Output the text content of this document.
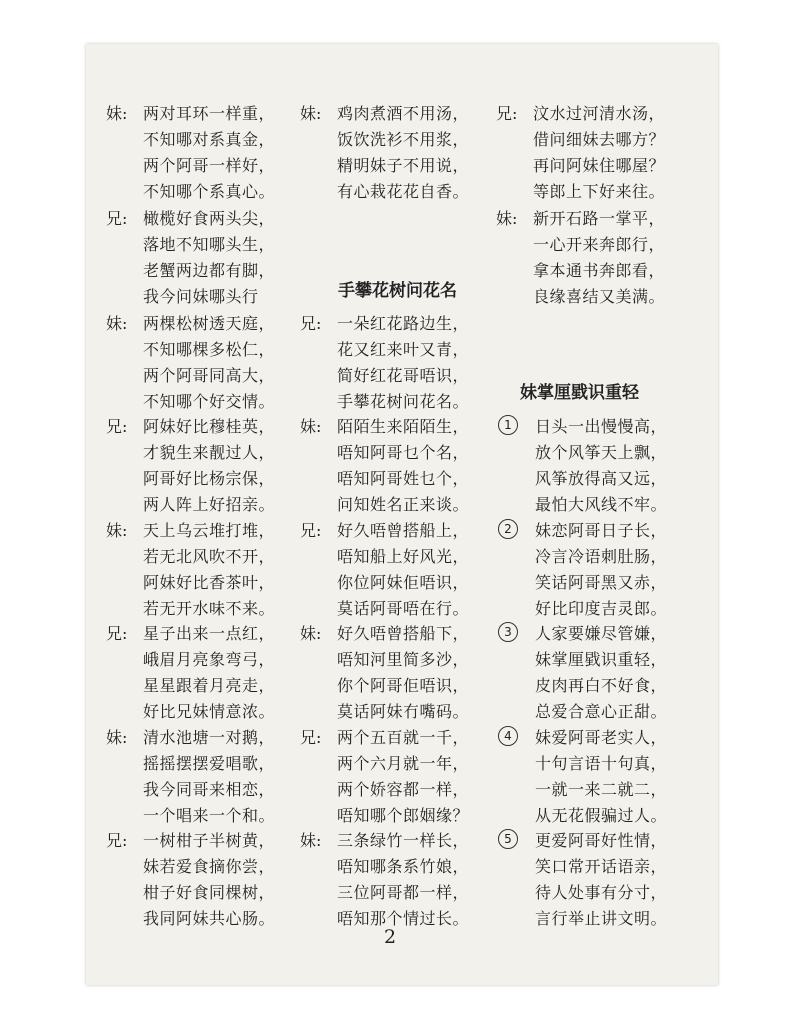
妹: 两对耳环一样重，
不知哪对系真金，
两个阿哥一样好，
不知哪个系真心。
兄: 橄榄好食两头尖，
落地不知哪头生，
老蟹两边都有脚，
我今问妹哪头行
妹: 两棵松树透天庭，
不知哪棵多松仁，
两个阿哥同高大，
不知哪个好交情。
兄: 阿妹好比穆桂英，
才貌生来靓过人，
阿哥好比杨宗保，
两人阵上好招亲。
妹: 天上乌云堆打堆，
若无北风吹不开，
阿妹好比香茶叶，
若无开水味不来。
兄: 星子出来一点红，
峨眉月亮象弯弓，
星星跟着月亮走，
好比兄妹情意浓。
妹: 清水池塘一对鹅，
摇摇摆摆爱唱歌，
我今同哥来相恋，
一个唱来一个和。
兄: 一树柑子半树黄，
妹若爱食摘你尝，
柑子好食同棵树，
我同阿妹共心肠。
妹: 鸡肉煮酒不用汤，
饭饮洗衫不用浆，
精明妹子不用说，
有心栽花花自香。
手攀花树问花名
兄: 一朵红花路边生，
花又红来叶又青，
简好红花哥唔识，
手攀花树问花名。
妹: 陌陌生来陌陌生，
唔知阿哥乜个名，
唔知阿哥姓乜个，
问知姓名正来谈。
兄: 好久唔曾搭船上，
唔知船上好风光，
你位阿妹佢唔识，
莫话阿哥唔在行。
妹: 好久唔曾搭船下，
唔知河里简多沙，
你个阿哥佢唔识，
莫话阿妹冇嘴码。
兄: 两个五百就一千，
两个六月就一年，
两个娇容都一样，
唔知哪个郎姻缘？
妹: 三条绿竹一样长，
唔知哪条系竹娘，
三位阿哥都一样，
唔知那个情过长。
兄: 汶水过河清水汤，
借问细妹去哪方？
再问阿妹住哪屋？
等郎上下好来往。
妹: 新开石路一掌平，
一心开来奔郎行，
拿本通书奔郎看，
良缘喜结又美满。
妹掌厘戥识重轻
1	日头一出慢慢高，
放个风筝天上飘，
风筝放得高又远，
最怕大风线不牢。
2	妹恋阿哥日子长，
冷言冷语刺肚肠，
笑话阿哥黑又赤，
好比印度吉灵郎。
3	人家要嫌尽管嫌，
妹掌厘戥识重轻，
皮肉再白不好食，
总爱合意心正甜。
4	妹爱阿哥老实人，
十句言语十句真，
一就一来二就二，
从无花假骗过人。
5	更爱阿哥好性情，
笑口常开话语亲，
待人处事有分寸，
言行举止讲文明。
2
